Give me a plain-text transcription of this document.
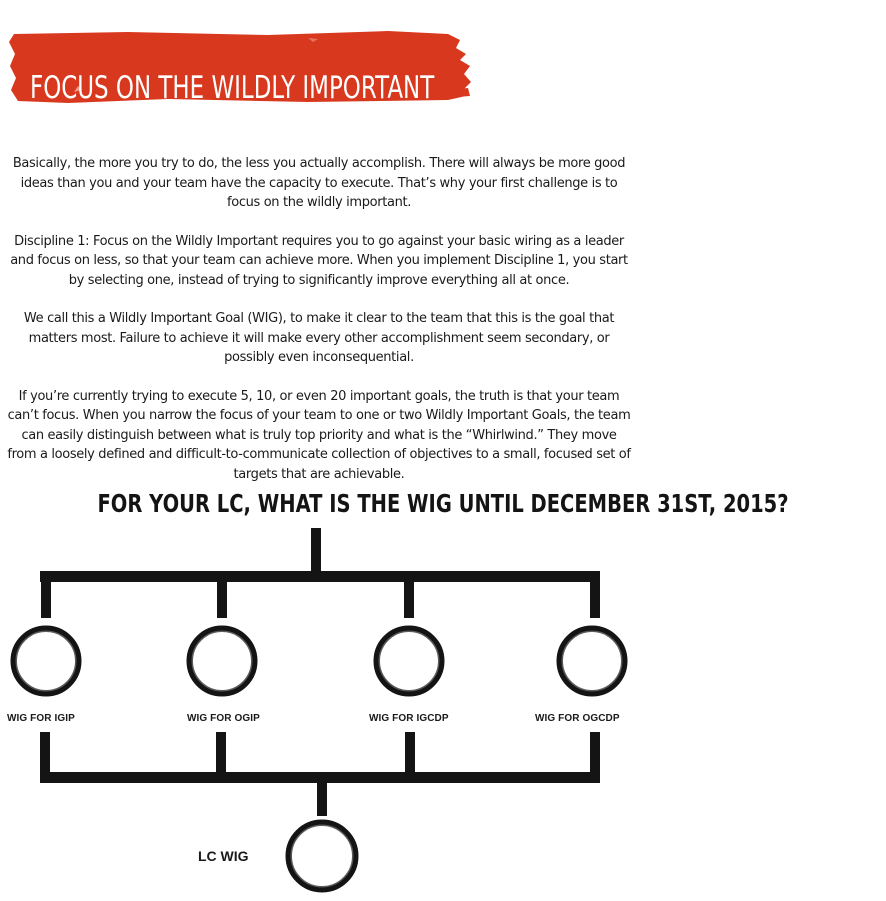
FOCUS ON THE WILDLY IMPORTANT

Basically, the more you try to do, the less you actually accomplish. There will always be more good ideas than you and your team have the capacity to execute. That’s why your first challenge is to focus on the wildly important.

Discipline 1: Focus on the Wildly Important requires you to go against your basic wiring as a leader and focus on less, so that your team can achieve more. When you implement Discipline 1, you start by selecting one, instead of trying to significantly improve everything all at once.

We call this a Wildly Important Goal (WIG), to make it clear to the team that this is the goal that matters most. Failure to achieve it will make every other accomplishment seem secondary, or possibly even inconsequential.

If you’re currently trying to execute 5, 10, or even 20 important goals, the truth is that your team can’t focus. When you narrow the focus of your team to one or two Wildly Important Goals, the team can easily distinguish between what is truly top priority and what is the “Whirlwind.” They move from a loosely defined and difficult-to-communicate collection of objectives to a small, focused set of targets that are achievable.

FOR YOUR LC, WHAT IS THE WIG UNTIL DECEMBER 31ST, 2015?
WIG FOR IGIP	WIG FOR OGIP	WIG FOR IGCDP	WIG FOR OGCDP
LC WIG
